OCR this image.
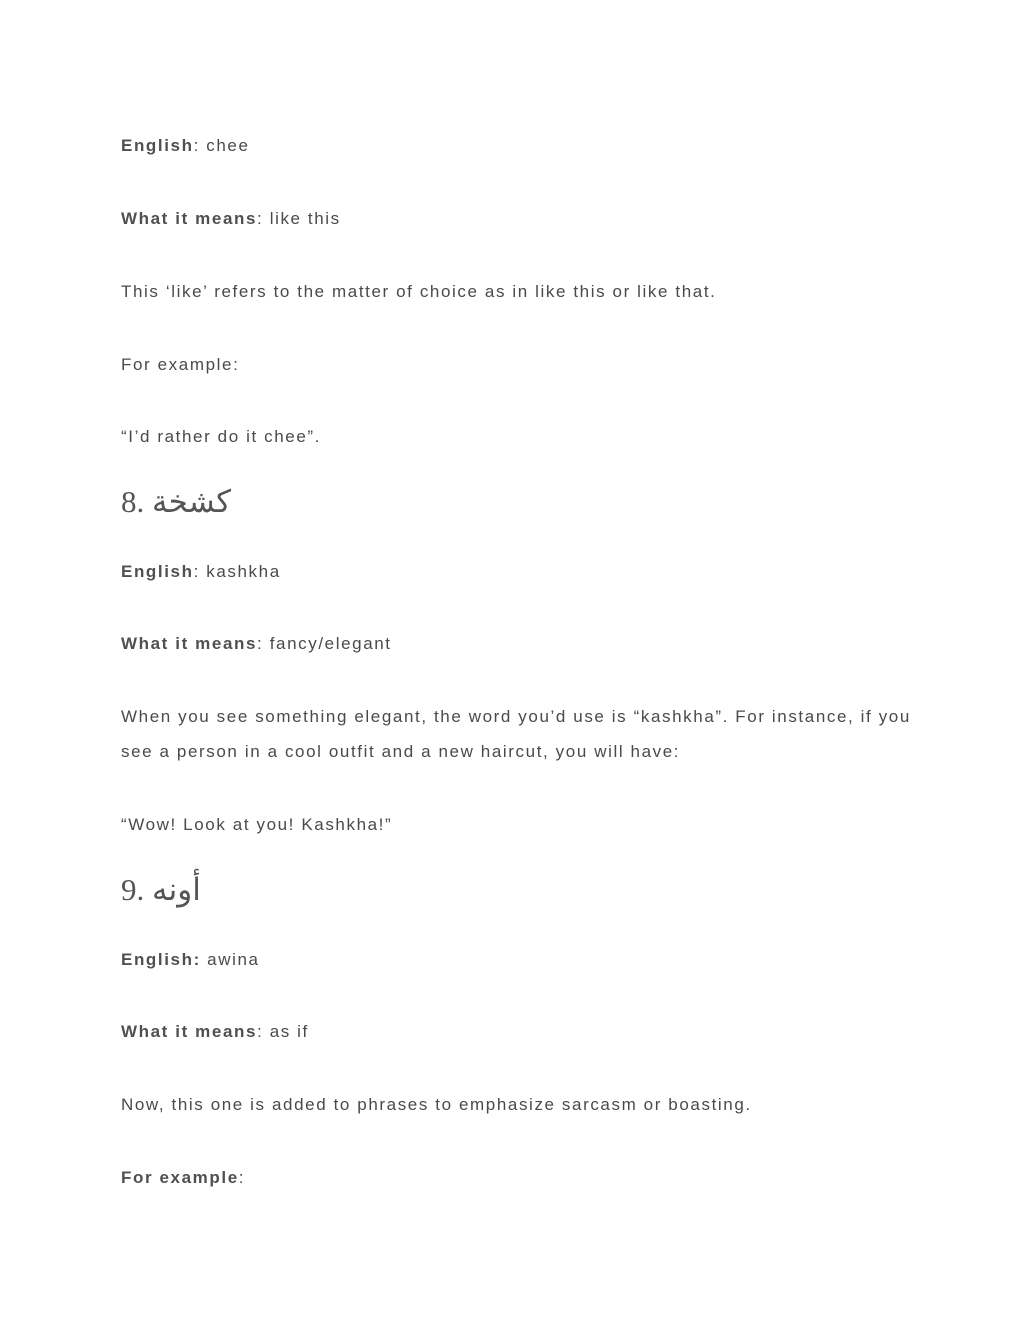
English: chee

What it means: like this

This ‘like’ refers to the matter of choice as in like this or like that.

For example:

“I’d rather do it chee”.

8. كشخة

English: kashkha

What it means: fancy/elegant

When you see something elegant, the word you’d use is “kashkha”. For instance, if you see a person in a cool outfit and a new haircut, you will have:

“Wow! Look at you! Kashkha!”

9. أونه

English: awina

What it means: as if

Now, this one is added to phrases to emphasize sarcasm or boasting.

For example:
